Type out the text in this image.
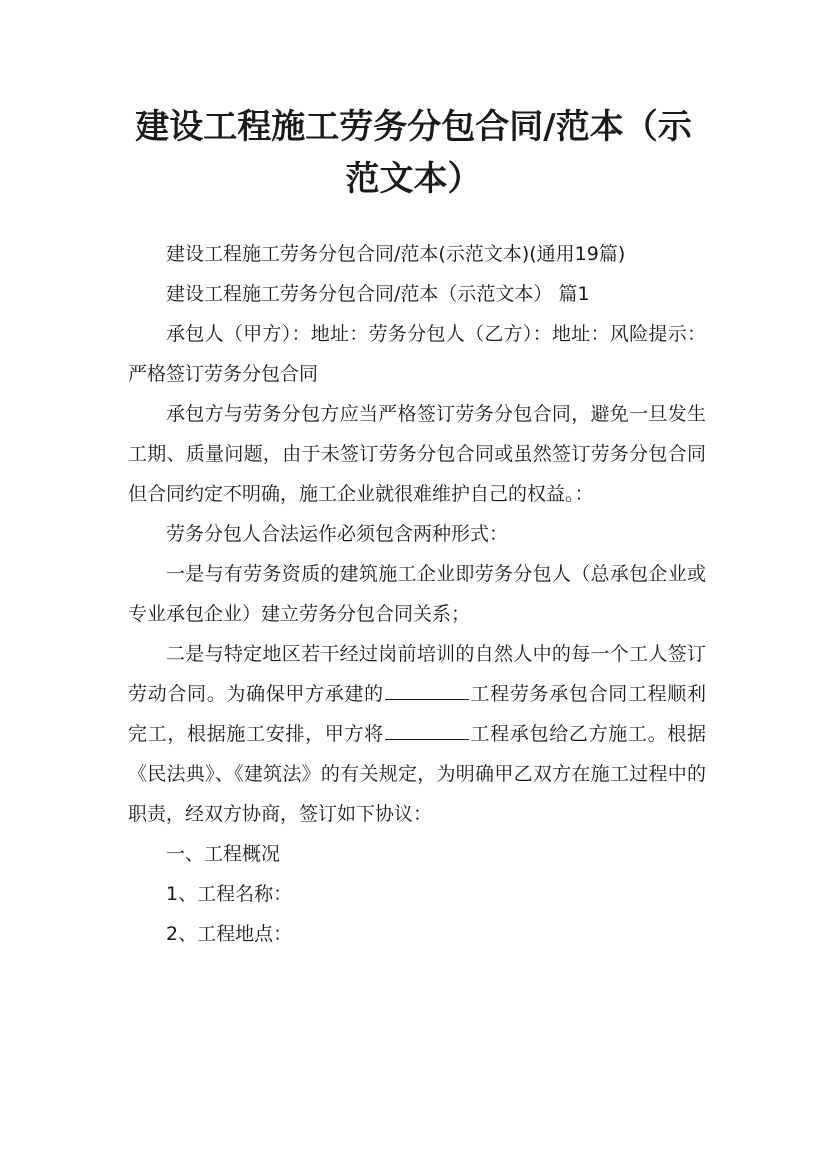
建设工程施工劳务分包合同/范本（示范文本）

建设工程施工劳务分包合同/范本(示范文本)(通用19篇)

建设工程施工劳务分包合同/范本（示范文本） 篇1

承包人（甲方）：地址：劳务分包人（乙方）：地址：风险提示：严格签订劳务分包合同

承包方与劳务分包方应当严格签订劳务分包合同，避免一旦发生工期、质量问题，由于未签订劳务分包合同或虽然签订劳务分包合同但合同约定不明确，施工企业就很难维护自己的权益。：

劳务分包人合法运作必须包含两种形式：

一是与有劳务资质的建筑施工企业即劳务分包人（总承包企业或专业承包企业）建立劳务分包合同关系；

二是与特定地区若干经过岗前培训的自然人中的每一个工人签订劳动合同。为确保甲方承建的	工程劳务承包合同工程顺利完工，根据施工安排，甲方将	工程承包给乙方施工。根据《民法典》、《建筑法》的有关规定，为明确甲乙双方在施工过程中的职责，经双方协商，签订如下协议：

一、工程概况

1、工程名称：

2、工程地点：
